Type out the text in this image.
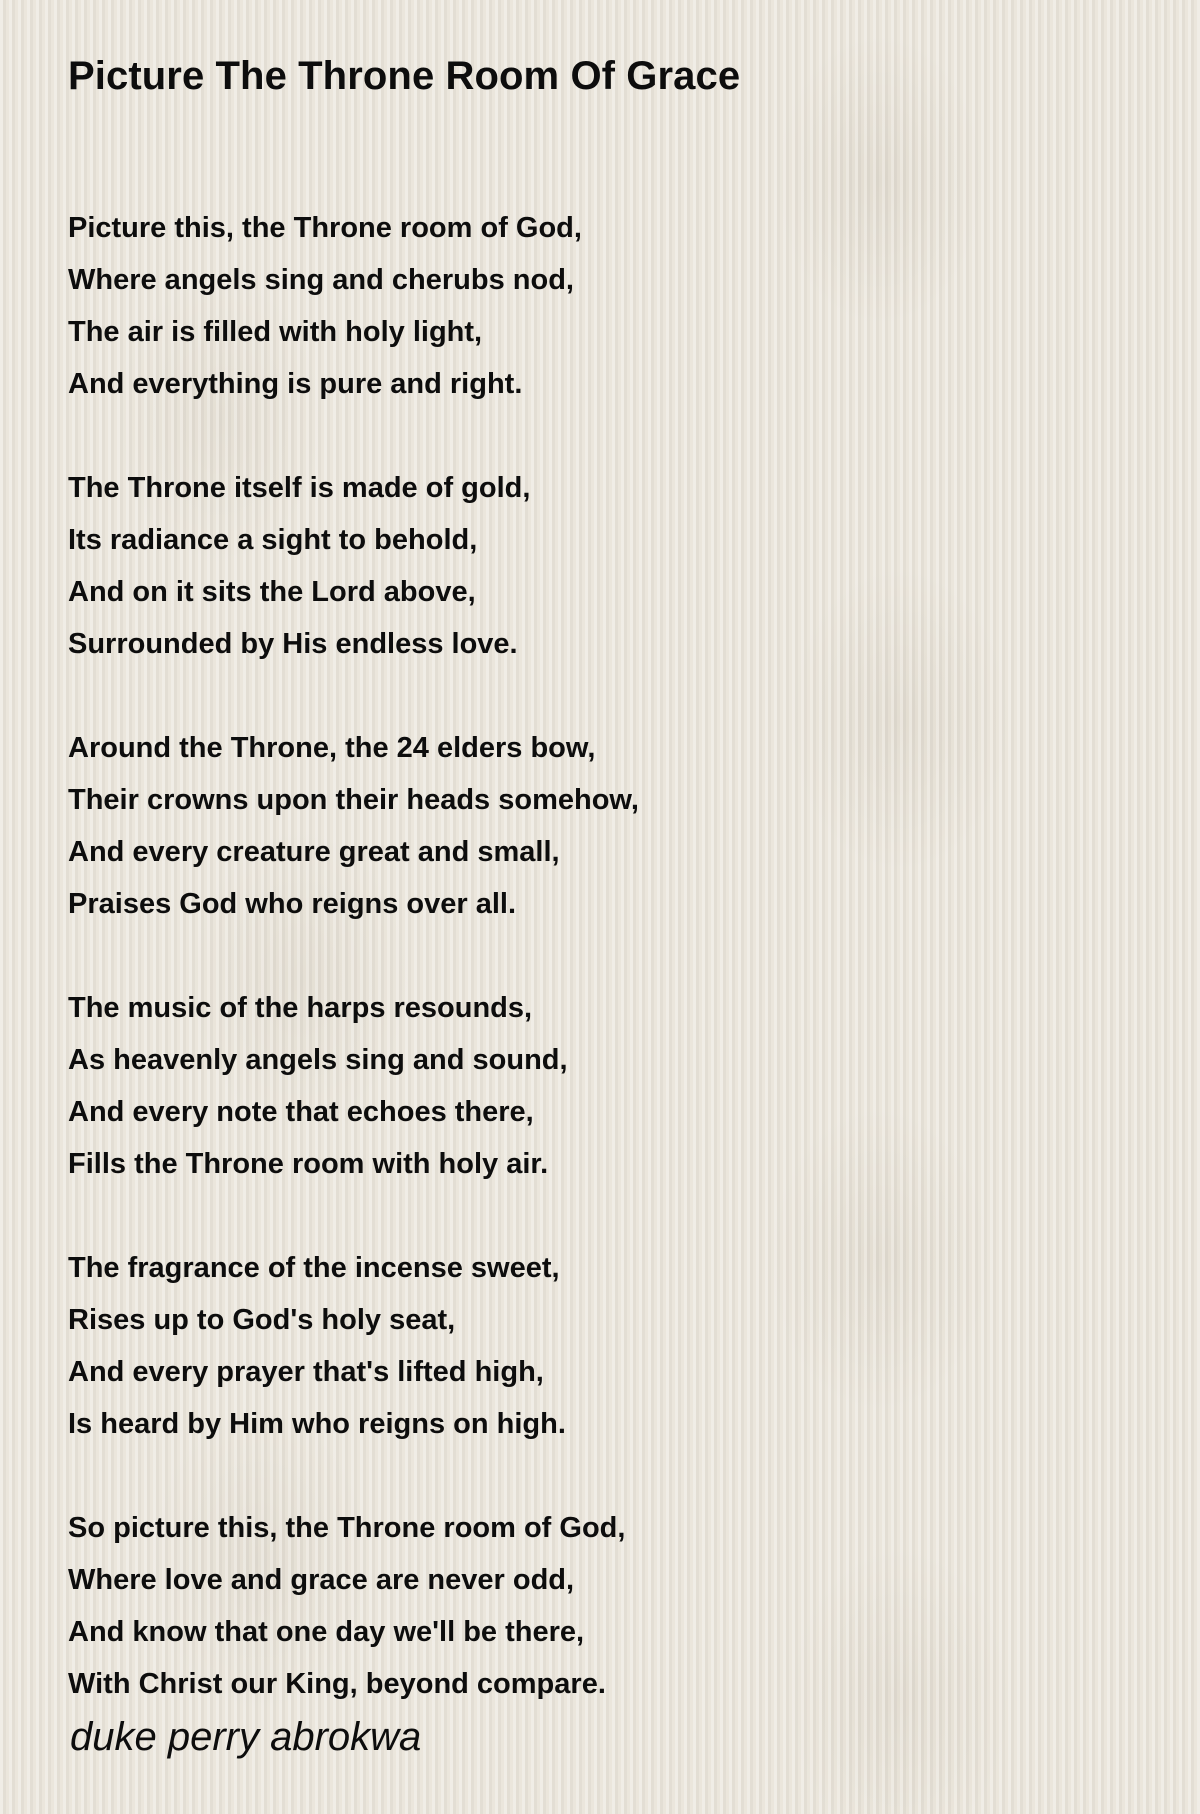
Picture The Throne Room Of Grace
Picture this, the Throne room of God,
Where angels sing and cherubs nod,
The air is filled with holy light,
And everything is pure and right.
The Throne itself is made of gold,
Its radiance a sight to behold,
And on it sits the Lord above,
Surrounded by His endless love.
Around the Throne, the 24 elders bow,
Their crowns upon their heads somehow,
And every creature great and small,
Praises God who reigns over all.
The music of the harps resounds,
As heavenly angels sing and sound,
And every note that echoes there,
Fills the Throne room with holy air.
The fragrance of the incense sweet,
Rises up to God's holy seat,
And every prayer that's lifted high,
Is heard by Him who reigns on high.
So picture this, the Throne room of God,
Where love and grace are never odd,
And know that one day we'll be there,
With Christ our King, beyond compare.
duke perry abrokwa
